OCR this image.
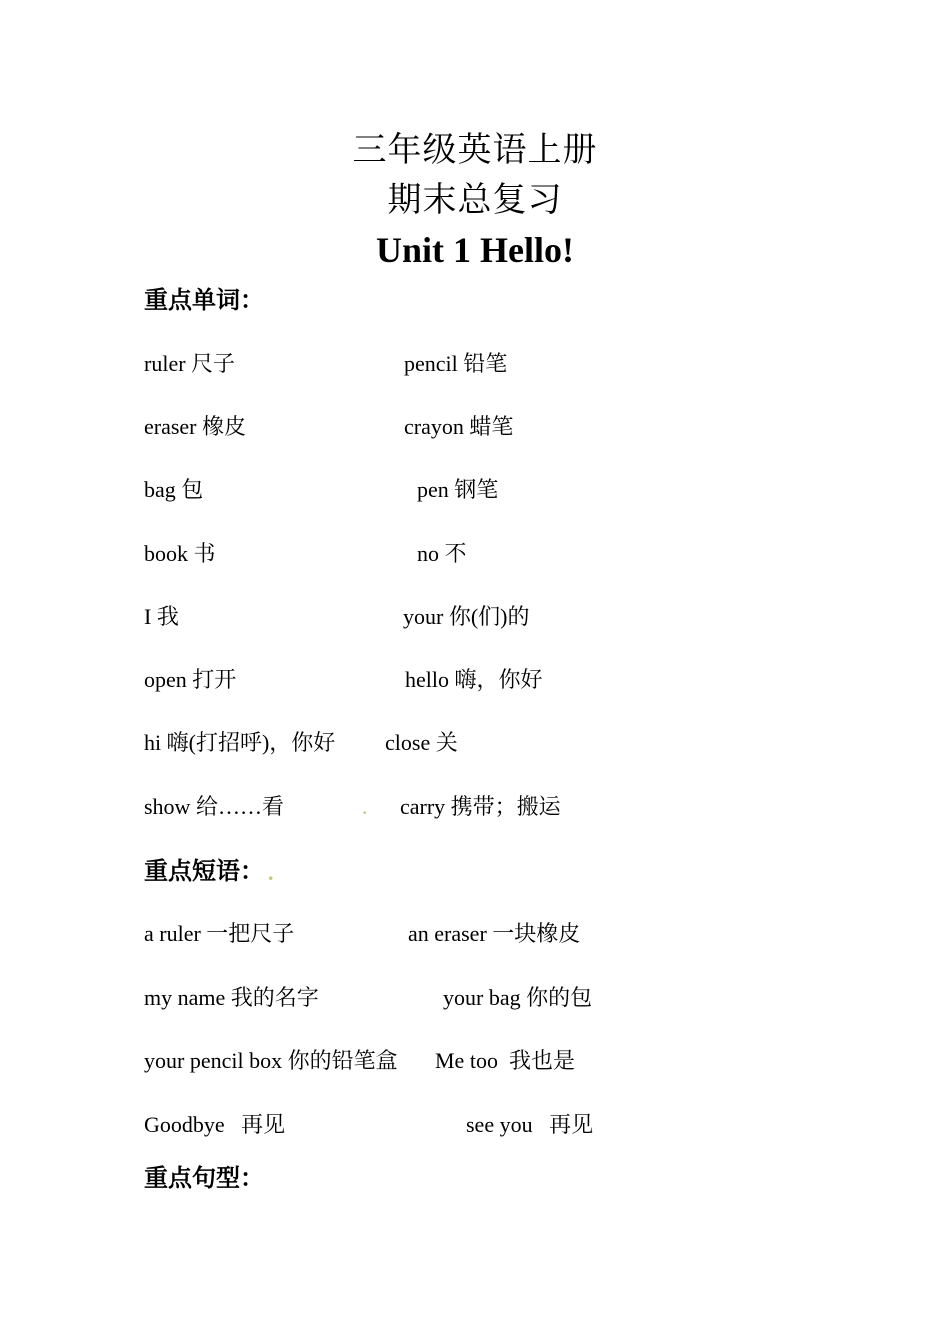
三年级英语上册
期末总复习
Unit 1 Hello!
重点单词：
ruler 尺子	pencil 铅笔
eraser 橡皮	crayon 蜡笔
bag 包	pen 钢笔
book 书	no 不
I 我	your 你(们)的
open 打开	hello 嗨，你好
hi 嗨(打招呼)，你好 close 关
show 给……看	. carry 携带；搬运
重点短语： .
a ruler 一把尺子	an eraser 一块橡皮
my name 我的名字	your bag 你的包
your pencil box 你的铅笔盒 Me too  我也是
Goodbye   再见	see you   再见
重点句型：
